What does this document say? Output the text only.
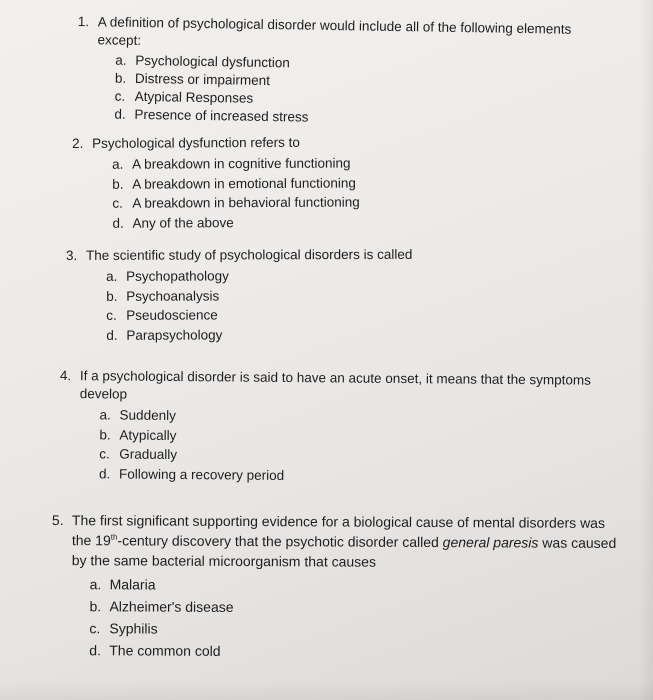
1. A definition of psychological disorder would include all of the following elements
except:
a. Psychological dysfunction
b. Distress or impairment
c. Atypical Responses
d. Presence of increased stress
2. Psychological dysfunction refers to
a. A breakdown in cognitive functioning
b. A breakdown in emotional functioning
c. A breakdown in behavioral functioning
d. Any of the above
3. The scientific study of psychological disorders is called
a. Psychopathology
b. Psychoanalysis
c. Pseudoscience
d. Parapsychology
4. If a psychological disorder is said to have an acute onset, it means that the symptoms
develop
a. Suddenly
b. Atypically
c. Gradually
d. Following a recovery period
5. The first significant supporting evidence for a biological cause of mental disorders was
the 19th-century discovery that the psychotic disorder called general paresis was caused
by the same bacterial microorganism that causes
a. Malaria
b. Alzheimer's disease
c. Syphilis
d. The common cold
